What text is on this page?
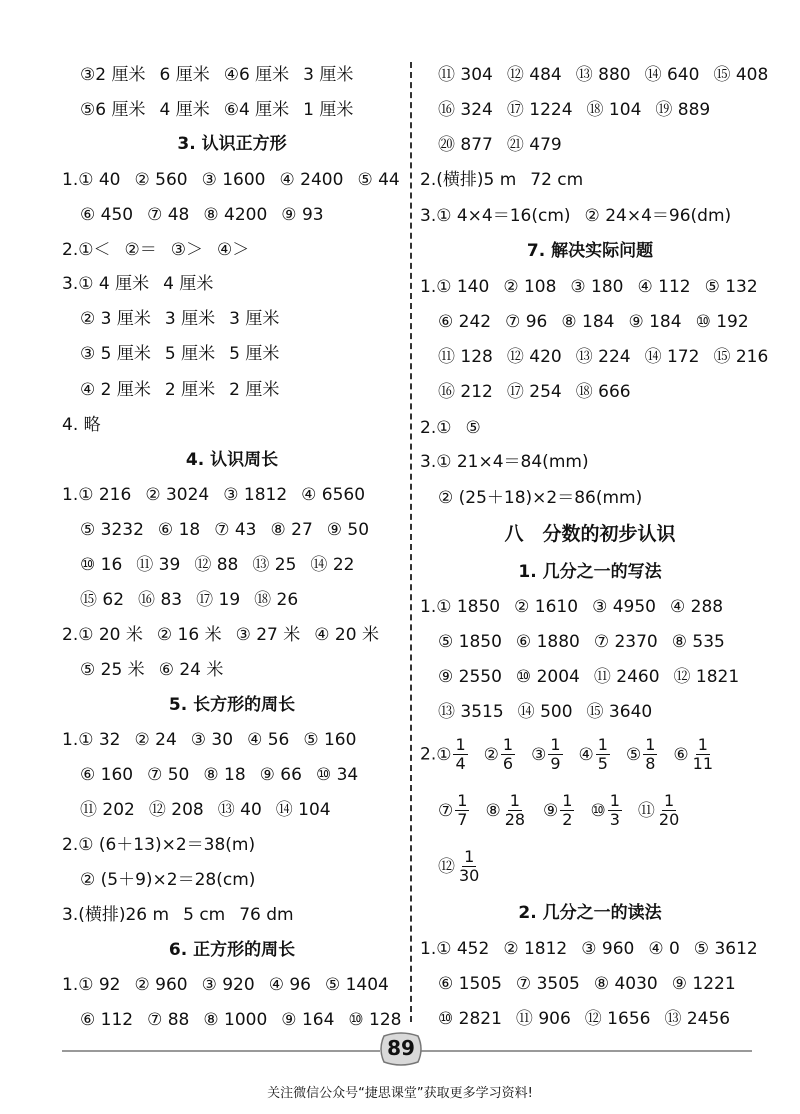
③2 厘米 6 厘米 ④6 厘米 3 厘米
⑤6 厘米 4 厘米 ⑥4 厘米 1 厘米
3. 认识正方形
1.① 40 ② 560 ③ 1600 ④ 2400 ⑤ 44
⑥ 450 ⑦ 48 ⑧ 4200 ⑨ 93
2.①＜ ②＝ ③＞ ④＞
3.① 4 厘米 4 厘米
② 3 厘米 3 厘米 3 厘米
③ 5 厘米 5 厘米 5 厘米
④ 2 厘米 2 厘米 2 厘米
4. 略
4. 认识周长
1.① 216 ② 3024 ③ 1812 ④ 6560
⑤ 3232 ⑥ 18 ⑦ 43 ⑧ 27 ⑨ 50
⑩ 16 ⑪ 39 ⑫ 88 ⑬ 25 ⑭ 22
⑮ 62 ⑯ 83 ⑰ 19 ⑱ 26
2.① 20 米 ② 16 米 ③ 27 米 ④ 20 米
⑤ 25 米 ⑥ 24 米
5. 长方形的周长
1.① 32 ② 24 ③ 30 ④ 56 ⑤ 160
⑥ 160 ⑦ 50 ⑧ 18 ⑨ 66 ⑩ 34
⑪ 202 ⑫ 208 ⑬ 40 ⑭ 104
2.① (6＋13)×2＝38(m)
② (5＋9)×2＝28(cm)
3.(横排)26 m 5 cm 76 dm
6. 正方形的周长
1.① 92 ② 960 ③ 920 ④ 96 ⑤ 1404
⑥ 112 ⑦ 88 ⑧ 1000 ⑨ 164 ⑩ 128
⑪ 304 ⑫ 484 ⑬ 880 ⑭ 640 ⑮ 408
⑯ 324 ⑰ 1224 ⑱ 104 ⑲ 889
⑳ 877 ㉑ 479
2.(横排)5 m 72 cm
3.① 4×4＝16(cm) ② 24×4＝96(dm)
7. 解决实际问题
1.① 140 ② 108 ③ 180 ④ 112 ⑤ 132
⑥ 242 ⑦ 96 ⑧ 184 ⑨ 184 ⑩ 192
⑪ 128 ⑫ 420 ⑬ 224 ⑭ 172 ⑮ 216
⑯ 212 ⑰ 254 ⑱ 666
2.① ⑤
3.① 21×4＝84(mm)
② (25＋18)×2＝86(mm)
八　分数的初步认识
1. 几分之一的写法
1.① 1850 ② 1610 ③ 4950 ④ 288
⑤ 1850 ⑥ 1880 ⑦ 2370 ⑧ 535
⑨ 2550 ⑩ 2004 ⑪ 2460 ⑫ 1821
⑬ 3515 ⑭ 500 ⑮ 3640
2. ① $\frac{1}{4}$ ② $\frac{1}{6}$ ③ $\frac{1}{9}$ ④ $\frac{1}{5}$ ⑤ $\frac{1}{8}$ ⑥ $\frac{1}{11}$
⑦ $\frac{1}{7}$ ⑧ $\frac{1}{28}$ ⑨ $\frac{1}{2}$ ⑩ $\frac{1}{3}$ ⑪ $\frac{1}{20}$
⑫ $\frac{1}{30}$
2. 几分之一的读法
1.① 452 ② 1812 ③ 960 ④ 0 ⑤ 3612
⑥ 1505 ⑦ 3505 ⑧ 4030 ⑨ 1221
⑩ 2821 ⑪ 906 ⑫ 1656 ⑬ 2456
89
关注微信公众号“捷思课堂”获取更多学习资料!
